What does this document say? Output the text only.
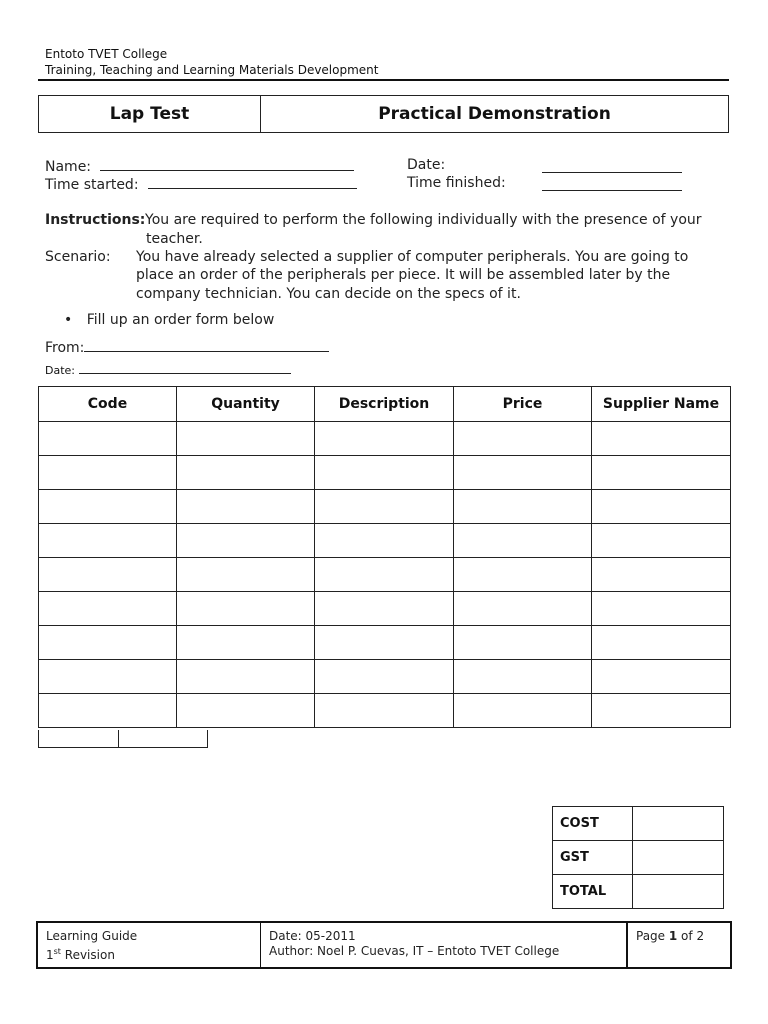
Entoto TVET College
Training, Teaching and Learning Materials Development
Lap Test	Practical Demonstration
Name:	Date:
Time started:	Time finished:
Instructions: You are required to perform the following individually with the presence of your
teacher.
Scenario: You have already selected a supplier of computer peripherals. You are going to
place an order of the peripherals per piece. It will be assembled later by the
company technician. You can decide on the specs of it.
• Fill up an order form below
From:
Date:
Code	Quantity	Description	Price	Supplier Name

COST	
GST	
TOTAL	
Learning Guide
1st Revision
Date: 05-2011
Author: Noel P. Cuevas, IT – Entoto TVET College
Page 1 of 2
